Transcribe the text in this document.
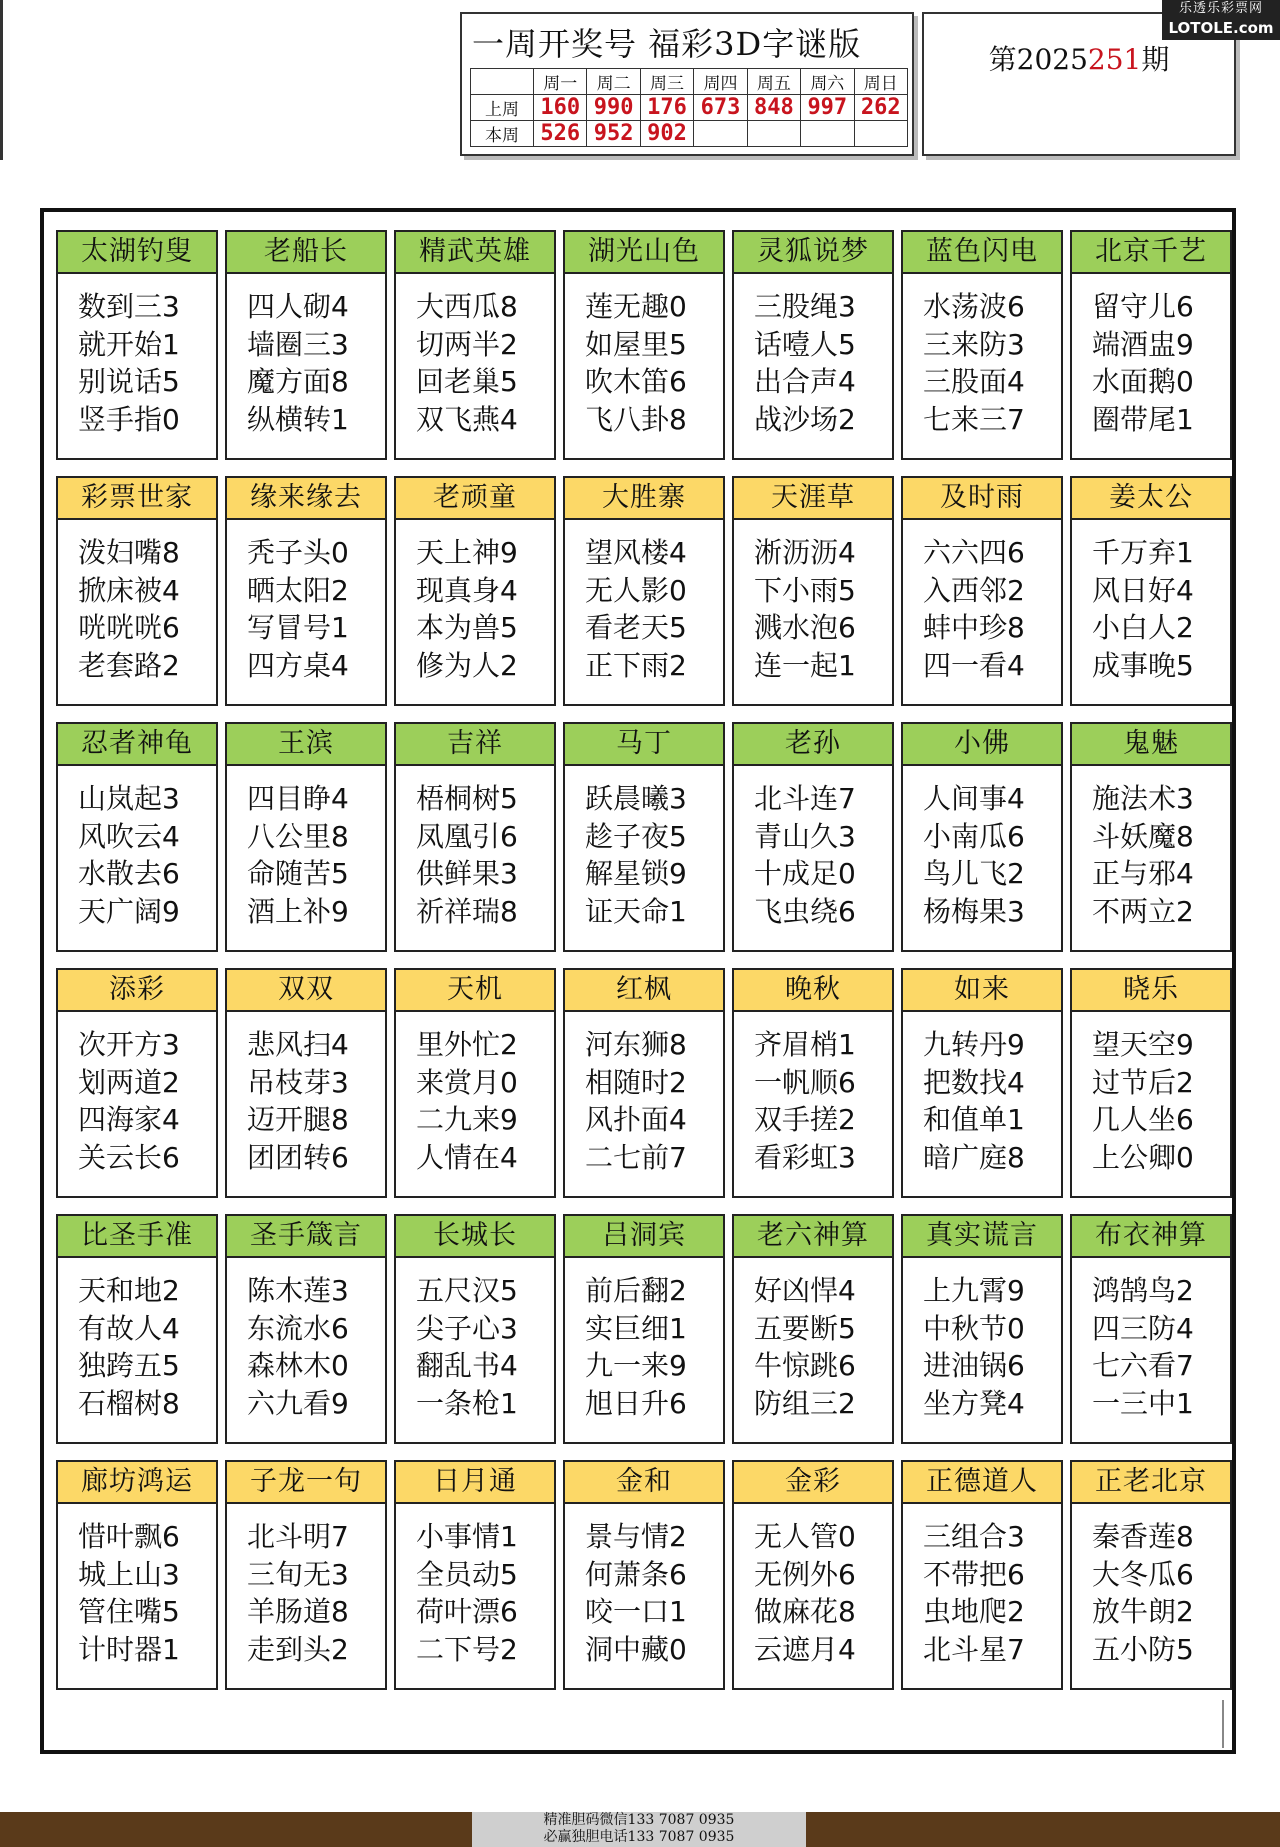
一周开奖号 福彩3D字谜版
	周一	周二	周三	周四	周五	周六	周日
上周	160	990	176	673	848	997	262
本周	526	952	902				
第2025251期
乐透乐彩票网
LOTOLE.com
太湖钓叟
数到三3
就开始1
别说话5
竖手指0
老船长
四人砌4
墙圈三3
魔方面8
纵横转1
精武英雄
大西瓜8
切两半2
回老巢5
双飞燕4
湖光山色
莲无趣0
如屋里5
吹木笛6
飞八卦8
灵狐说梦
三股绳3
话噎人5
出合声4
战沙场2
蓝色闪电
水荡波6
三来防3
三股面4
七来三7
北京千艺
留守儿6
端酒盅9
水面鹅0
圈带尾1
彩票世家
泼妇嘴8
掀床被4
咣咣咣6
老套路2
缘来缘去
秃子头0
晒太阳2
写冒号1
四方桌4
老顽童
天上神9
现真身4
本为兽5
修为人2
大胜寨
望风楼4
无人影0
看老天5
正下雨2
天涯草
淅沥沥4
下小雨5
溅水泡6
连一起1
及时雨
六六四6
入西邻2
蚌中珍8
四一看4
姜太公
千万弃1
风日好4
小白人2
成事晚5
忍者神龟
山岚起3
风吹云4
水散去6
天广阔9
王滨
四目睁4
八公里8
命随苦5
酒上补9
吉祥
梧桐树5
凤凰引6
供鲜果3
祈祥瑞8
马丁
跃晨曦3
趁子夜5
解星锁9
证天命1
老孙
北斗连7
青山久3
十成足0
飞虫绕6
小佛
人间事4
小南瓜6
鸟儿飞2
杨梅果3
鬼魅
施法术3
斗妖魔8
正与邪4
不两立2
添彩
次开方3
划两道2
四海家4
关云长6
双双
悲风扫4
吊枝芽3
迈开腿8
团团转6
天机
里外忙2
来赏月0
二九来9
人情在4
红枫
河东狮8
相随时2
风扑面4
二七前7
晚秋
齐眉梢1
一帆顺6
双手搓2
看彩虹3
如来
九转丹9
把数找4
和值单1
暗广庭8
晓乐
望天空9
过节后2
几人坐6
上公卿0
比圣手准
天和地2
有故人4
独跨五5
石榴树8
圣手箴言
陈木莲3
东流水6
森林木0
六九看9
长城长
五尺汉5
尖子心3
翻乱书4
一条枪1
吕洞宾
前后翻2
实巨细1
九一来9
旭日升6
老六神算
好凶悍4
五要断5
牛惊跳6
防组三2
真实谎言
上九霄9
中秋节0
进油锅6
坐方凳4
布衣神算
鸿鹄鸟2
四三防4
七六看7
一三中1
廊坊鸿运
惜叶飘6
城上山3
管住嘴5
计时器1
子龙一句
北斗明7
三旬无3
羊肠道8
走到头2
日月通
小事情1
全员动5
荷叶漂6
二下号2
金和
景与情2
何萧条6
咬一口1
洞中藏0
金彩
无人管0
无例外6
做麻花8
云遮月4
正德道人
三组合3
不带把6
虫地爬2
北斗星7
正老北京
秦香莲8
大冬瓜6
放牛朗2
五小防5
精准胆码微信133 7087 0935
必赢独胆电话133 7087 0935
